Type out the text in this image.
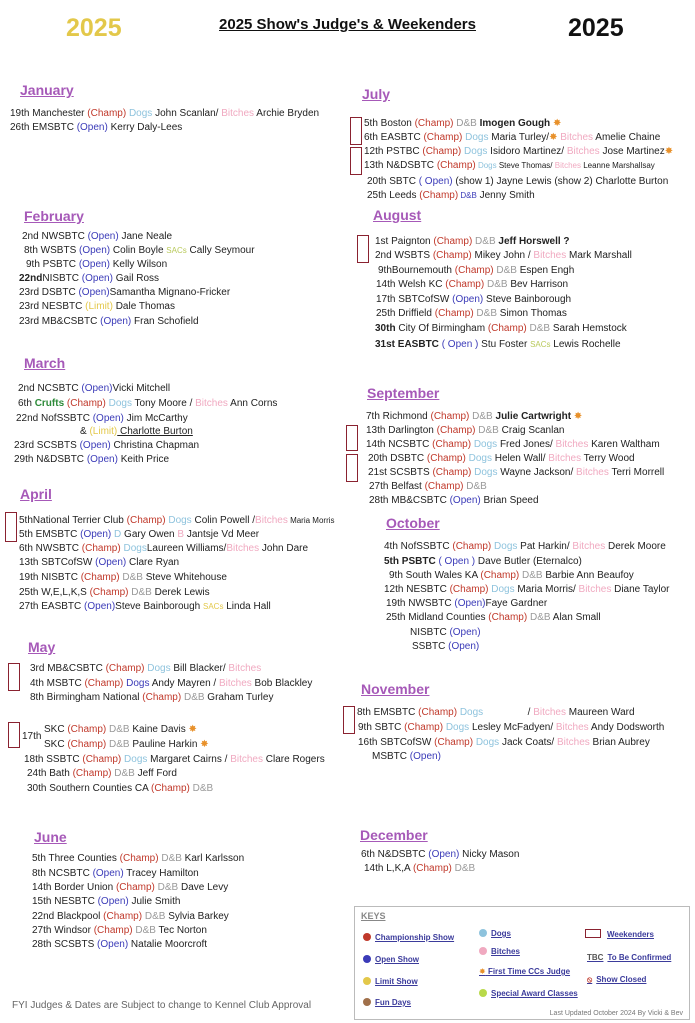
2025	2025 Show's Judge's & Weekenders	2025
January
February
March
April
May
June
July
August
September
October
November
December
19th Manchester (Champ) Dogs John Scanlan/ Bitches Archie Bryden
26th EMSBTC (Open) Kerry Daly-Lees
2nd NWSBTC (Open) Jane Neale
8th WSBTS (Open) Colin Boyle SACs Cally Seymour
9th PSBTC (Open) Kelly Wilson
22ndNISBTC (Open) Gail Ross
23rd DSBTC (Open)Samantha Mignano-Fricker
23rd NESBTC (Limit) Dale Thomas
23rd MB&CSBTC (Open) Fran Schofield
2nd NCSBTC (Open)Vicki Mitchell
6th Crufts (Champ) Dogs Tony Moore / Bitches Ann Corns
22nd NofSSBTC (Open) Jim McCarthy
& (Limit) Charlotte Burton
23rd SCSBTS (Open) Christina Chapman
29th N&DSBTC (Open) Keith Price
5thNational Terrier Club (Champ) Dogs Colin Powell /Bitches Maria Morris
5th EMSBTC (Open) D Gary Owen B Jantsje Vd Meer
6th NWSBTC (Champ) DogsLaureen Williams/Bitches John Dare
13th SBTCofSW (Open) Clare Ryan
19th NISBTC (Champ) D&B Steve Whitehouse
25th W,E,L,K,S (Champ) D&B Derek Lewis
27th EASBTC (Open)Steve Bainborough SACs Linda Hall
3rd MB&CSBTC (Champ) Dogs Bill Blacker/ Bitches
4th MSBTC (Champ) Dogs Andy Mayren / Bitches Bob Blackley
8th Birmingham National (Champ) D&B Graham Turley
SKC (Champ) D&B Kaine Davis ✸
SKC (Champ) D&B Pauline Harkin ✸
17th
18th SSBTC (Champ) Dogs Margaret Cairns / Bitches Clare Rogers
24th Bath (Champ) D&B Jeff Ford
30th Southern Counties CA (Champ) D&B
5th Three Counties (Champ) D&B Karl Karlsson
8th NCSBTC (Open) Tracey Hamilton
14th Border Union (Champ) D&B Dave Levy
15th NESBTC (Open) Julie Smith
22nd Blackpool (Champ) D&B Sylvia Barkey
27th Windsor (Champ) D&B Tec Norton
28th SCSBTS (Open) Natalie Moorcroft
5th Boston (Champ) D&B Imogen Gough ✸
6th EASBTC (Champ) Dogs Maria Turley/✸ Bitches Amelie Chaine
12th PSTBC (Champ) Dogs Isidoro Martinez/ Bitches Jose Martinez✸
13th N&DSBTC (Champ) Dogs Steve Thomas/ Bitches Leanne Marshallsay
20th SBTC ( Open) (show 1) Jayne Lewis (show 2) Charlotte Burton
25th Leeds (Champ) D&B Jenny Smith
1st Paignton (Champ) D&B Jeff Horswell ?
2nd WSBTS (Champ) Mikey John / Bitches Mark Marshall
9thBournemouth (Champ) D&B Espen Engh
14th Welsh KC (Champ) D&B Bev Harrison
17th SBTCofSW (Open) Steve Bainborough
25th Driffield (Champ) D&B Simon Thomas
30th City Of Birmingham (Champ) D&B Sarah Hemstock
31st EASBTC ( Open ) Stu Foster SACs Lewis Rochelle
7th Richmond (Champ) D&B Julie Cartwright ✸
13th Darlington (Champ) D&B Craig Scanlan
14th NCSBTC (Champ) Dogs Fred Jones/ Bitches Karen Waltham
20th DSBTC (Champ) Dogs Helen Wall/ Bitches Terry Wood
21st SCSBTS (Champ) Dogs Wayne Jackson/ Bitches Terri Morrell
27th Belfast (Champ) D&B
28th MB&CSBTC (Open) Brian Speed
4th NofSSBTC (Champ) Dogs Pat Harkin/ Bitches Derek Moore
5th PSBTC ( Open ) Dave Butler (Eternalco)
9th South Wales KA (Champ) D&B Barbie Ann Beaufoy
12th NESBTC (Champ) Dogs Maria Morris/ Bitches Diane Taylor
19th NWSBTC (Open)Faye Gardner
25th Midland Counties (Champ) D&B Alan Small
NISBTC (Open)
SSBTC (Open)
8th EMSBTC (Champ) Dogs                / Bitches Maureen Ward
9th SBTC (Champ) Dogs Lesley McFadyen/ Bitches Andy Dodsworth
16th SBTCofSW (Champ) Dogs Jack Coats/ Bitches Brian Aubrey
MSBTC (Open)
6th N&DSBTC (Open) Nicky Mason
14th L,K,A (Champ) D&B
KEYS
Championship Show
Open Show
Limit Show
Fun Days
Dogs
Bitches
✸ First Time CCs Judge
Special Award Classes
Weekenders
TBC To Be Confirmed
⦸ Show Closed
Last Updated October 2024 By Vicki & Bev
FYI Judges & Dates are Subject to change to Kennel Club Approval
